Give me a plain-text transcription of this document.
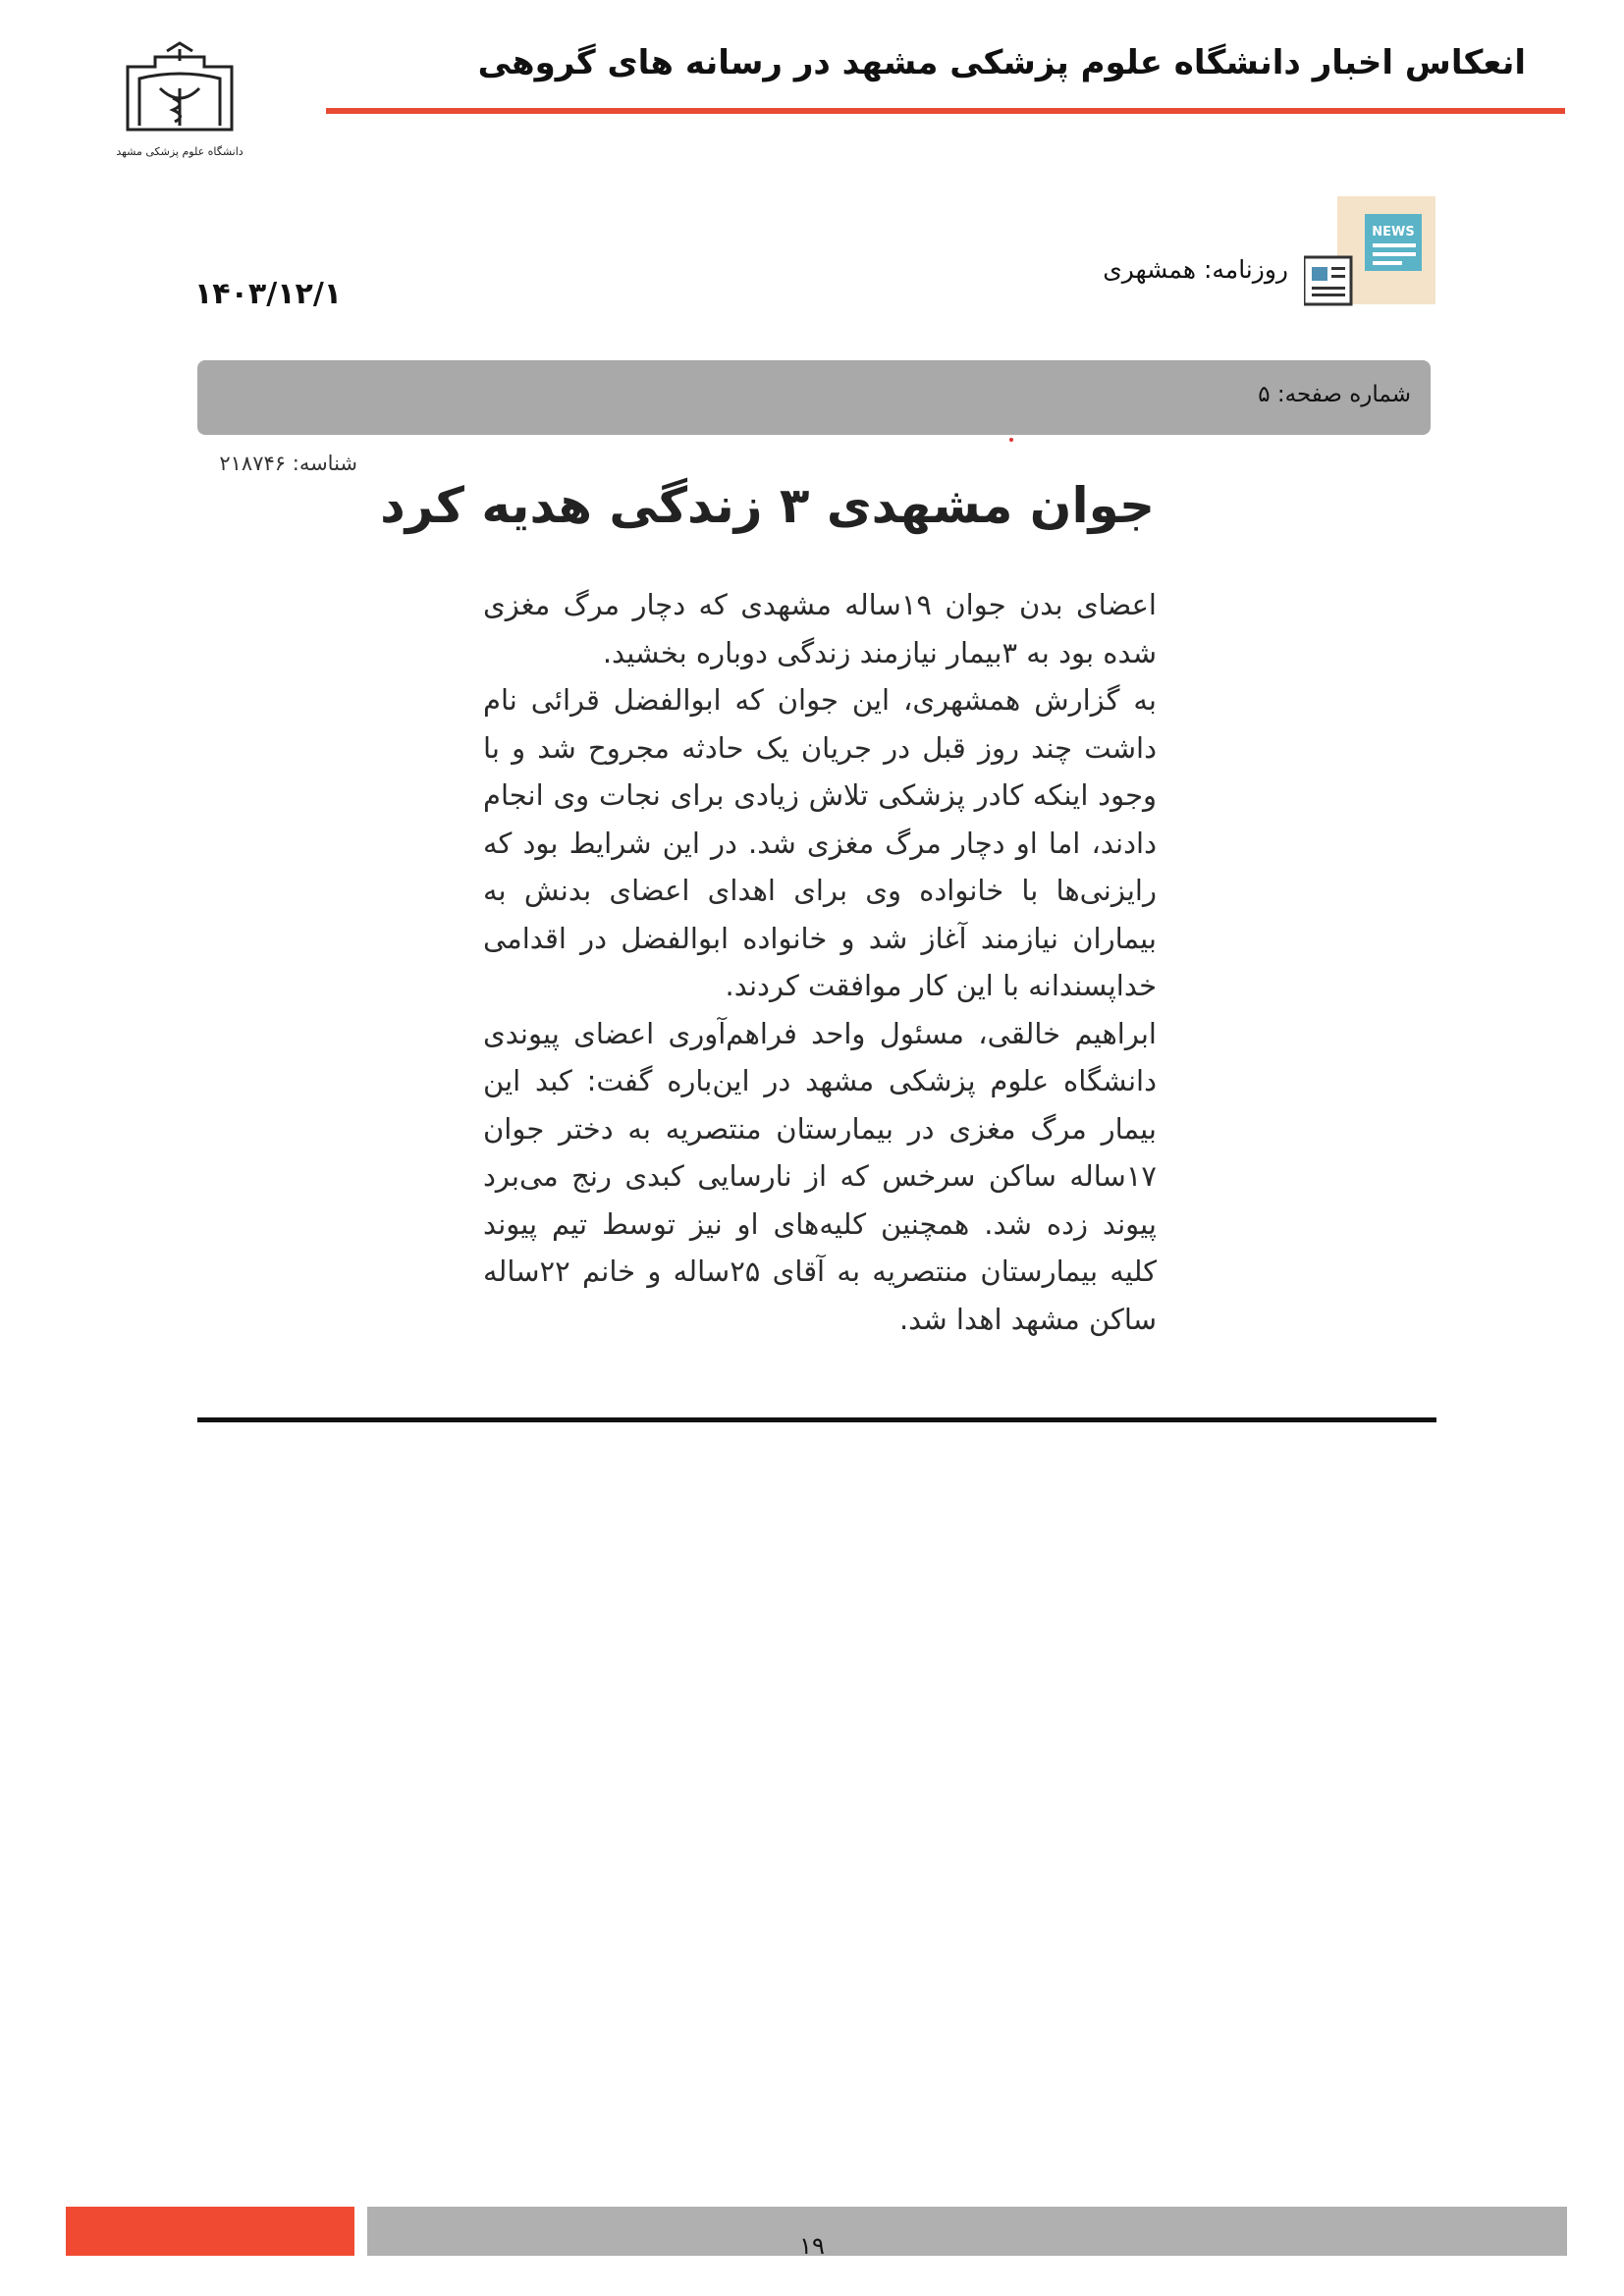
انعکاس اخبار دانشگاه علوم پزشکی مشهد در رسانه های گروهی
دانشگاه علوم پزشکی مشهد
NEWS
روزنامه: همشهری
۱۴۰۳/۱۲/۱
شماره صفحه: ۵
شناسه: ۲۱۸۷۴۶
جوان مشهدی ۳ زندگی هدیه کرد

اعضای بدن جوان ۱۹ساله مشهدی که دچار مرگ مغزی شده بود به ۳بیمار نیازمند زندگی دوباره بخشید.

به گزارش همشهری، این جوان که ابوالفضل قرائی نام داشت چند روز قبل در جریان یک حادثه مجروح شد و با وجود اینکه کادر پزشکی تلاش زیادی برای نجات وی انجام دادند، اما او دچار مرگ مغزی شد. در این شرایط بود که رایزنی‌ها با خانواده وی برای اهدای اعضای بدنش به بیماران نیازمند آغاز شد و خانواده ابوالفضل در اقدامی خداپسندانه با این کار موافقت کردند.

ابراهیم خالقی، مسئول واحد فراهم‌آوری اعضای پیوندی دانشگاه علوم پزشکی مشهد در این‌باره گفت: کبد این بیمار مرگ مغزی در بیمارستان منتصریه به دختر جوان ۱۷ساله ساکن سرخس که از نارسایی کبدی رنج می‌برد پیوند زده شد. همچنین کلیه‌های او نیز توسط تیم پیوند کلیه بیمارستان منتصریه به آقای ۲۵ساله و خانم ۲۲ساله ساکن مشهد اهدا شد.

۱۹
